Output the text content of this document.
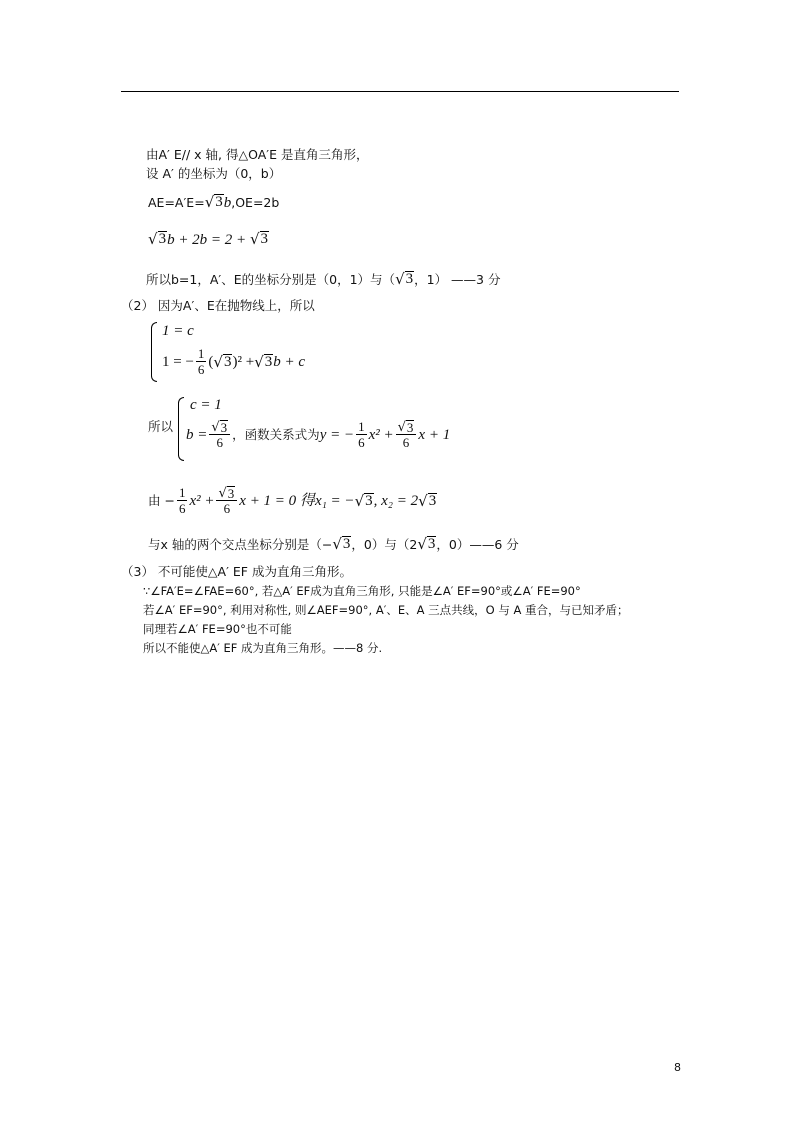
由A′ E// x 轴, 得△OA′E 是直角三角形，
设 A′ 的坐标为（0，b）
AE=A′E= √ 3 b,OE=2b
√ 3 b + 2b = 2 + √ 3
所以b=1，A′、E的坐标分别是（0，1）与（ √ 3 ，1） ——3 分
（2） 因为A′、E在抛物线上，所以
1 = c
1 = − $\frac{1}{6}$ ( √ 3 )² + √ 3 b + c
所以
c = 1
$b = \frac{√ 3}{6}$ ，函数关系式为 y = − $\frac{1}{6} x^2 + \frac{√ 3}{6}$ x + 1
由 − $\frac{1}{6} x^2 + \frac{√ 3}{6}$ x + 1 = 0 得 x₁ = − √ 3 , x₂ = 2 √ 3
与x 轴的两个交点坐标分别是（− √ 3 ，0）与（2 √ 3 ，0）——6 分
（3） 不可能使△A′ EF 成为直角三角形。
∵∠FA′E=∠FAE=60°, 若△A′ EF成为直角三角形, 只能是∠A′ EF=90°或∠A′ FE=90°
若∠A′ EF=90°, 利用对称性, 则∠AEF=90°, A′、E、A 三点共线，O 与 A 重合，与已知矛盾；
同理若∠A′ FE=90°也不可能
所以不能使△A′ EF 成为直角三角形。——8 分.
8
